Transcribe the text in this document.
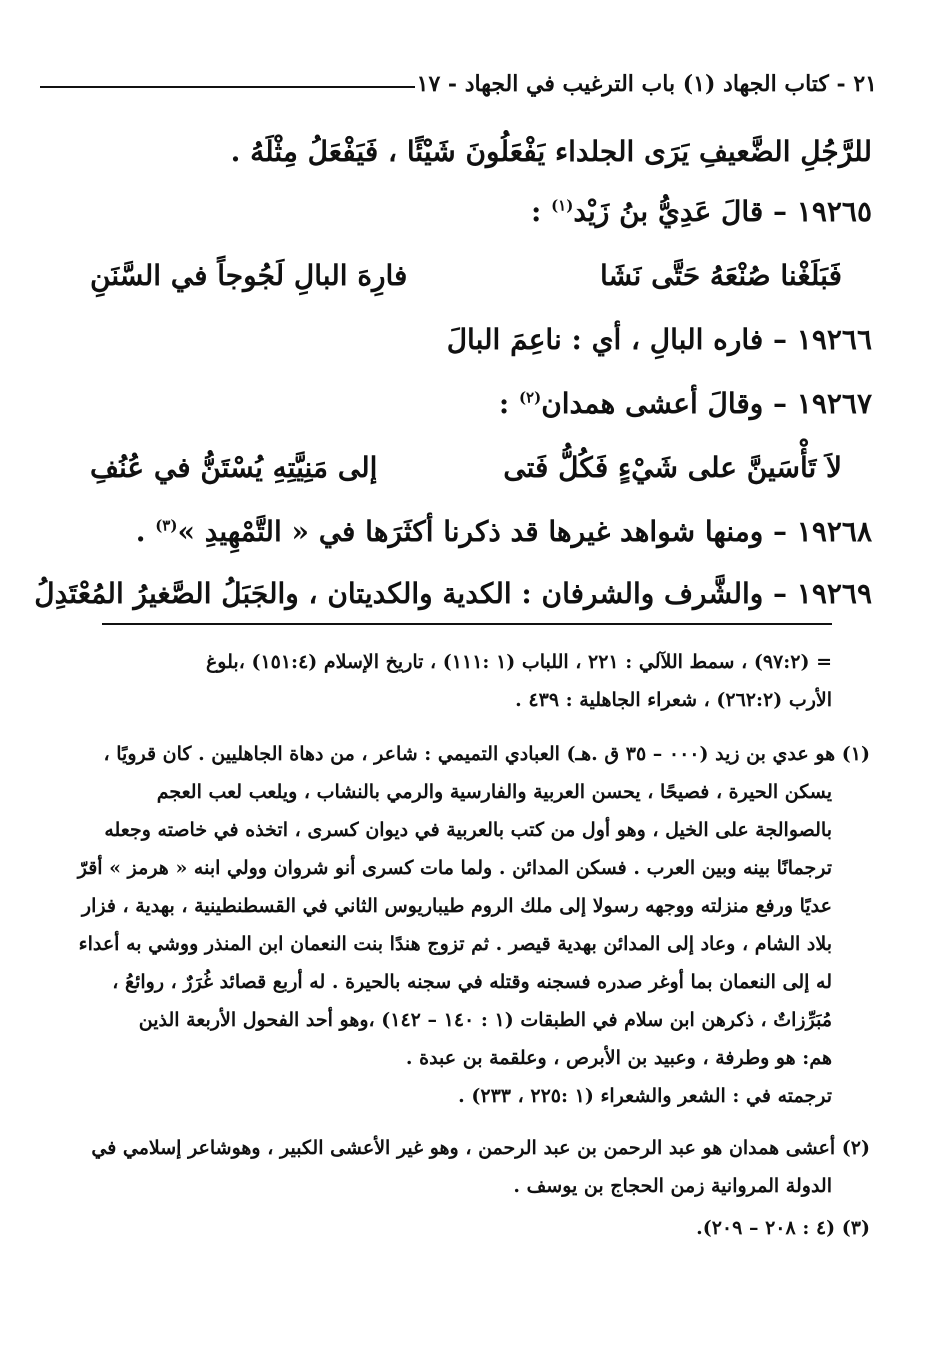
٢١ - كتاب الجهاد (١) باب الترغيب في الجهاد - ١٧
للرَّجُلِ الضَّعيفِ يَرَى الجلداء يَفْعَلُونَ شَيْئًا ، فَيَفْعَلُ مِثْلَهُ .
١٩٢٦٥ – قالَ عَدِيُّ بنُ زَيْد$^{(١)}$ :
فَبَلَغْنا صُنْعَهُ حَتَّى نَشَا
فارِهَ البالِ لَجُوجاً في السَّنَنِ
١٩٢٦٦ – فاره البالِ ، أي : ناعِمَ البالَ
١٩٢٦٧ – وقالَ أعشى همدان$^{(٢)}$ :
لاَ تَأْسَينَّ على شَيْءٍ فَكُلُّ فَتى
إلى مَنِيَّتِهِ يُسْتَنُّ في عُنُفِ
١٩٢٦٨ – ومنها شواهد غيرها قد ذكرنا أكثَرَها في « التَّمْهِيدِ »$^{(٣)}$ .
١٩٢٦٩ – والشَّرف والشرفان : الكدية والكديتان ، والجَبَلُ الصَّغيرُ المُعْتَدِلُ
= (٩٧:٢) ، سمط اللآلي : ٢٢١ ، اللباب (١ :١١١) ، تاريخ الإسلام (١٥١:٤) ،بلوغ
الأرب (٢٦٢:٢) ، شعراء الجاهلية : ٤٣٩ .
(١) هو عدي بن زيد (٠٠٠ – ٣٥ ق .هـ) العبادي التميمي : شاعر ، من دهاة الجاهليين . كان قرويًا ،
يسكن الحيرة ، فصيحًا ، يحسن العربية والفارسية والرمي بالنشاب ، ويلعب لعب العجم
بالصوالجة على الخيل ، وهو أول من كتب بالعربية في ديوان كسرى ، اتخذه في خاصته وجعله
ترجمانًا بينه وبين العرب . فسكن المدائن . ولما مات كسرى أنو شروان وولي ابنه « هرمز » أقرّ
عديًا ورفع منزلته ووجهه رسولا إلى ملك الروم طيباريوس الثاني في القسطنطينية ، بهدية ، فزار
بلاد الشام ، وعاد إلى المدائن بهدية قيصر . ثم تزوج هندًا بنت النعمان ابن المنذر ووشي به أعداء
له إلى النعمان بما أوغر صدره فسجنه وقتله في سجنه بالحيرة . له أربع قصائد غُرَرٌ ، روائعُ ،
مُبَرِّزاتٌ ، ذكرهن ابن سلام في الطبقات (١ : ١٤٠ – ١٤٢) ،وهو أحد الفحول الأربعة الذين
هم: هو وطرفة ، وعبيد بن الأبرص ، وعلقمة بن عبدة .
ترجمته في : الشعر والشعراء (١ :٢٢٥ ، ٢٣٣) .
(٢) أعشى همدان هو عبد الرحمن بن عبد الرحمن ، وهو غير الأعشى الكبير ، وهوشاعر إسلامي في
الدولة المروانية زمن الحجاج بن يوسف .
(٣) (٤ : ٢٠٨ – ٢٠٩).
